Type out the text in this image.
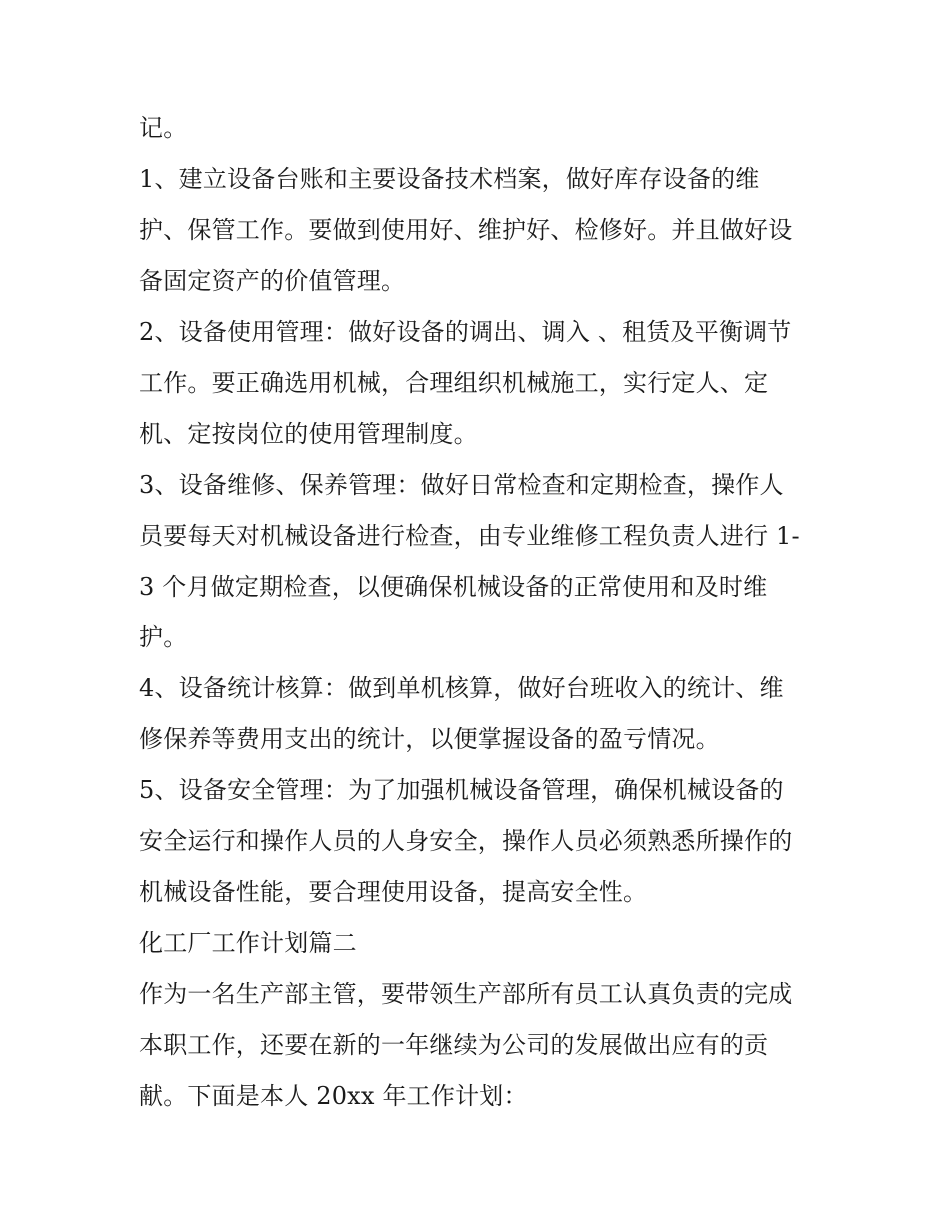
记。
1、建立设备台账和主要设备技术档案，做好库存设备的维
护、保管工作。要做到使用好、维护好、检修好。并且做好设
备固定资产的价值管理。
2、设备使用管理：做好设备的调出、调入 、租赁及平衡调节
工作。要正确选用机械，合理组织机械施工，实行定人、定
机、定按岗位的使用管理制度。
3、设备维修、保养管理：做好日常检查和定期检查，操作人
员要每天对机械设备进行检查，由专业维修工程负责人进行 1-
3 个月做定期检查，以便确保机械设备的正常使用和及时维
护。
4、设备统计核算：做到单机核算，做好台班收入的统计、维
修保养等费用支出的统计，以便掌握设备的盈亏情况。
5、设备安全管理：为了加强机械设备管理，确保机械设备的
安全运行和操作人员的人身安全，操作人员必须熟悉所操作的
机械设备性能，要合理使用设备，提高安全性。
化工厂工作计划篇二
作为一名生产部主管，要带领生产部所有员工认真负责的完成
本职工作，还要在新的一年继续为公司的发展做出应有的贡
献。下面是本人 20xx 年工作计划：
